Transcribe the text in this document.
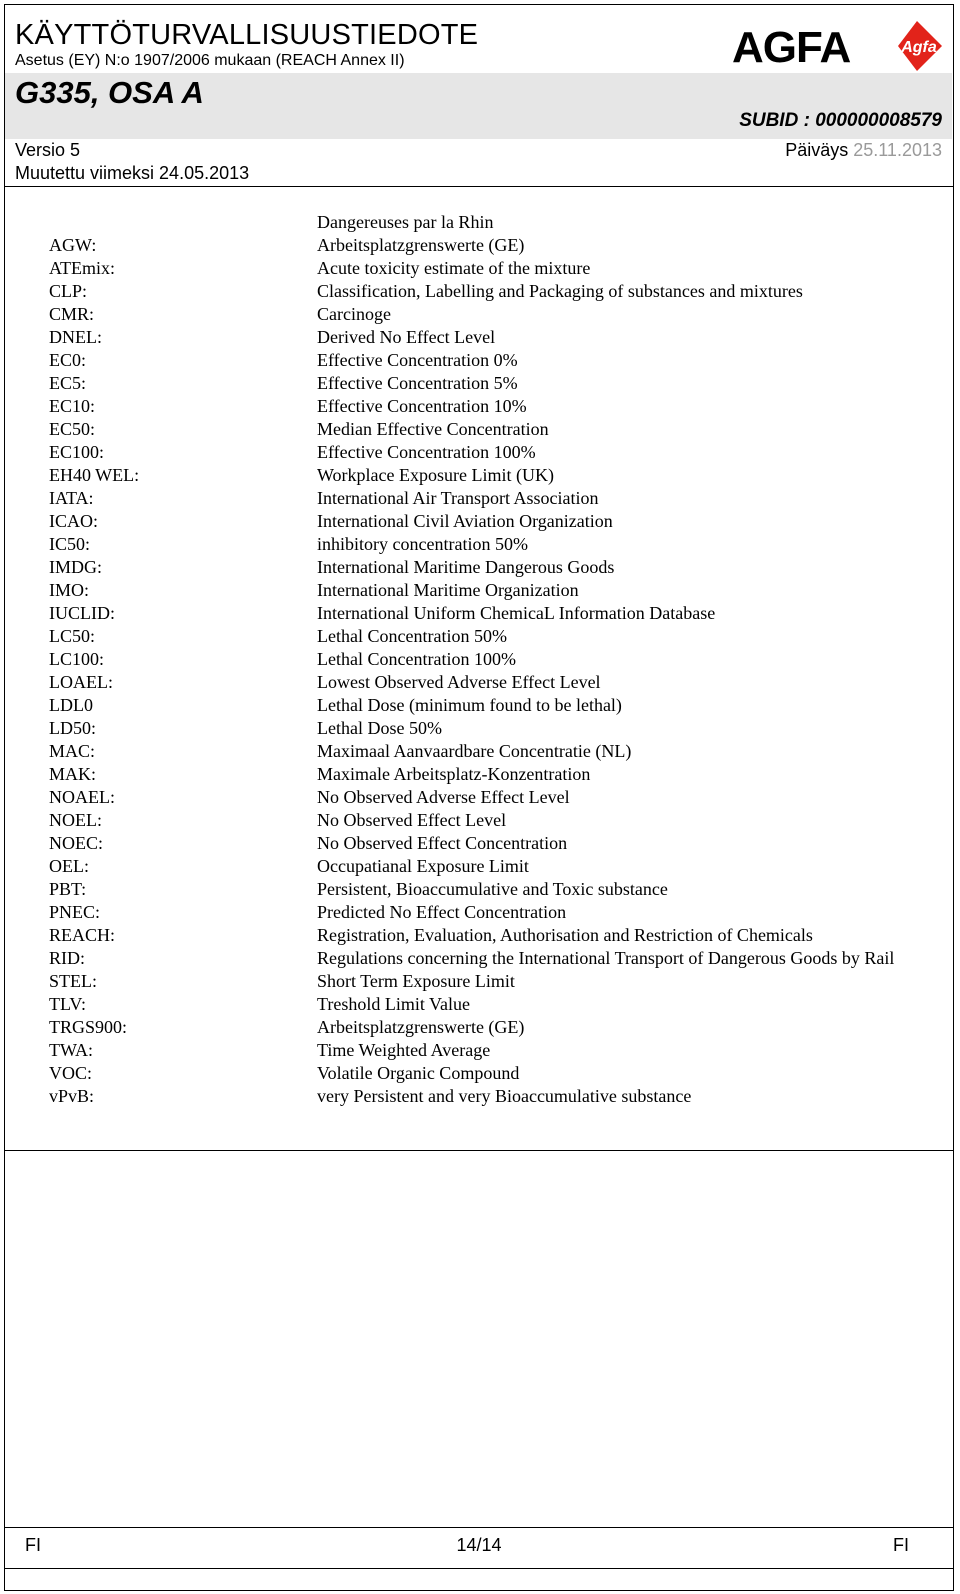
KÄYTTÖTURVALLISUUSTIEDOTE
Asetus (EY) N:o 1907/2006 mukaan (REACH Annex II)
G335, OSA A
SUBID : 000000008579
Versio 5
Muutettu viimeksi 24.05.2013
Päiväys 25.11.2013
AGFA	Agfa
Dangereuses par la Rhin
AGW:	Arbeitsplatzgrenswerte (GE)
ATEmix:	Acute toxicity estimate of the mixture
CLP:	Classification, Labelling and Packaging of substances and mixtures
CMR:	Carcinoge
DNEL:	Derived No Effect Level
EC0:	Effective Concentration 0%
EC5:	Effective Concentration 5%
EC10:	Effective Concentration 10%
EC50:	Median Effective Concentration
EC100:	Effective Concentration 100%
EH40 WEL:	Workplace Exposure Limit (UK)
IATA:	International Air Transport Association
ICAO:	International Civil Aviation Organization
IC50:	inhibitory concentration 50%
IMDG:	International Maritime Dangerous Goods
IMO:	International Maritime Organization
IUCLID:	International Uniform ChemicaL Information Database
LC50:	Lethal Concentration 50%
LC100:	Lethal Concentration 100%
LOAEL:	Lowest Observed Adverse Effect Level
LDL0	Lethal Dose (minimum found to be lethal)
LD50:	Lethal Dose 50%
MAC:	Maximaal Aanvaardbare Concentratie (NL)
MAK:	Maximale Arbeitsplatz-Konzentration
NOAEL:	No Observed Adverse Effect Level
NOEL:	No Observed Effect Level
NOEC:	No Observed Effect Concentration
OEL:	Occupatianal Exposure Limit
PBT:	Persistent, Bioaccumulative and Toxic substance
PNEC:	Predicted No Effect Concentration
REACH:	Registration, Evaluation, Authorisation and Restriction of Chemicals
RID:	Regulations concerning the International Transport of Dangerous Goods by Rail
STEL:	Short Term Exposure Limit
TLV:	Treshold Limit Value
TRGS900:	Arbeitsplatzgrenswerte (GE)
TWA:	Time Weighted Average
VOC:	Volatile Organic Compound
vPvB:	very Persistent and very Bioaccumulative substance
FI	14/14	FI
